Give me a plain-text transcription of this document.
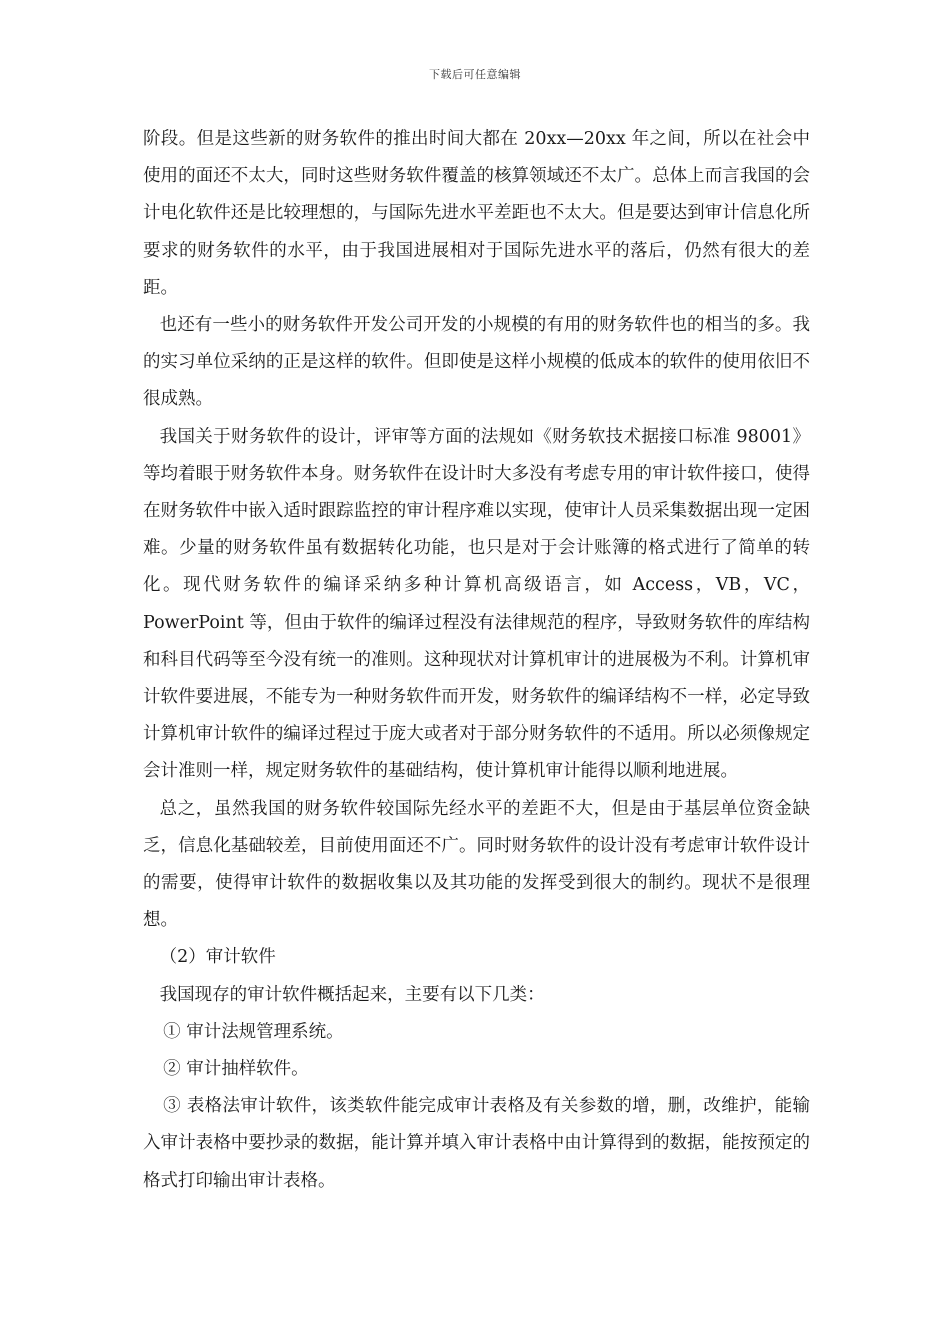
下载后可任意编辑

阶段。但是这些新的财务软件的推出时间大都在 20xx—20xx 年之间，所以在社会中使用的面还不太大，同时这些财务软件覆盖的核算领域还不太广。总体上而言我国的会计电化软件还是比较理想的，与国际先进水平差距也不太大。但是要达到审计信息化所要求的财务软件的水平，由于我国进展相对于国际先进水平的落后，仍然有很大的差距。

也还有一些小的财务软件开发公司开发的小规模的有用的财务软件也的相当的多。我的实习单位采纳的正是这样的软件。但即使是这样小规模的低成本的软件的使用依旧不很成熟。

我国关于财务软件的设计，评审等方面的法规如《财务软技术据接口标准 98001》等均着眼于财务软件本身。财务软件在设计时大多没有考虑专用的审计软件接口，使得在财务软件中嵌入适时跟踪监控的审计程序难以实现，使审计人员采集数据出现一定困难。少量的财务软件虽有数据转化功能，也只是对于会计账簿的格式进行了简单的转化。现代财务软件的编译采纳多种计算机高级语言，如 Access，VB，VC，PowerPoint 等，但由于软件的编译过程没有法律规范的程序，导致财务软件的库结构和科目代码等至今没有统一的准则。这种现状对计算机审计的进展极为不利。计算机审计软件要进展，不能专为一种财务软件而开发，财务软件的编译结构不一样，必定导致计算机审计软件的编译过程过于庞大或者对于部分财务软件的不适用。所以必须像规定会计准则一样，规定财务软件的基础结构，使计算机审计能得以顺利地进展。

总之，虽然我国的财务软件较国际先经水平的差距不大，但是由于基层单位资金缺乏，信息化基础较差，目前使用面还不广。同时财务软件的设计没有考虑审计软件设计的需要，使得审计软件的数据收集以及其功能的发挥受到很大的制约。现状不是很理想。

（2）审计软件

我国现存的审计软件概括起来，主要有以下几类：

① 审计法规管理系统。

② 审计抽样软件。

③ 表格法审计软件，该类软件能完成审计表格及有关参数的增，删，改维护，能输入审计表格中要抄录的数据，能计算并填入审计表格中由计算得到的数据，能按预定的格式打印输出审计表格。
